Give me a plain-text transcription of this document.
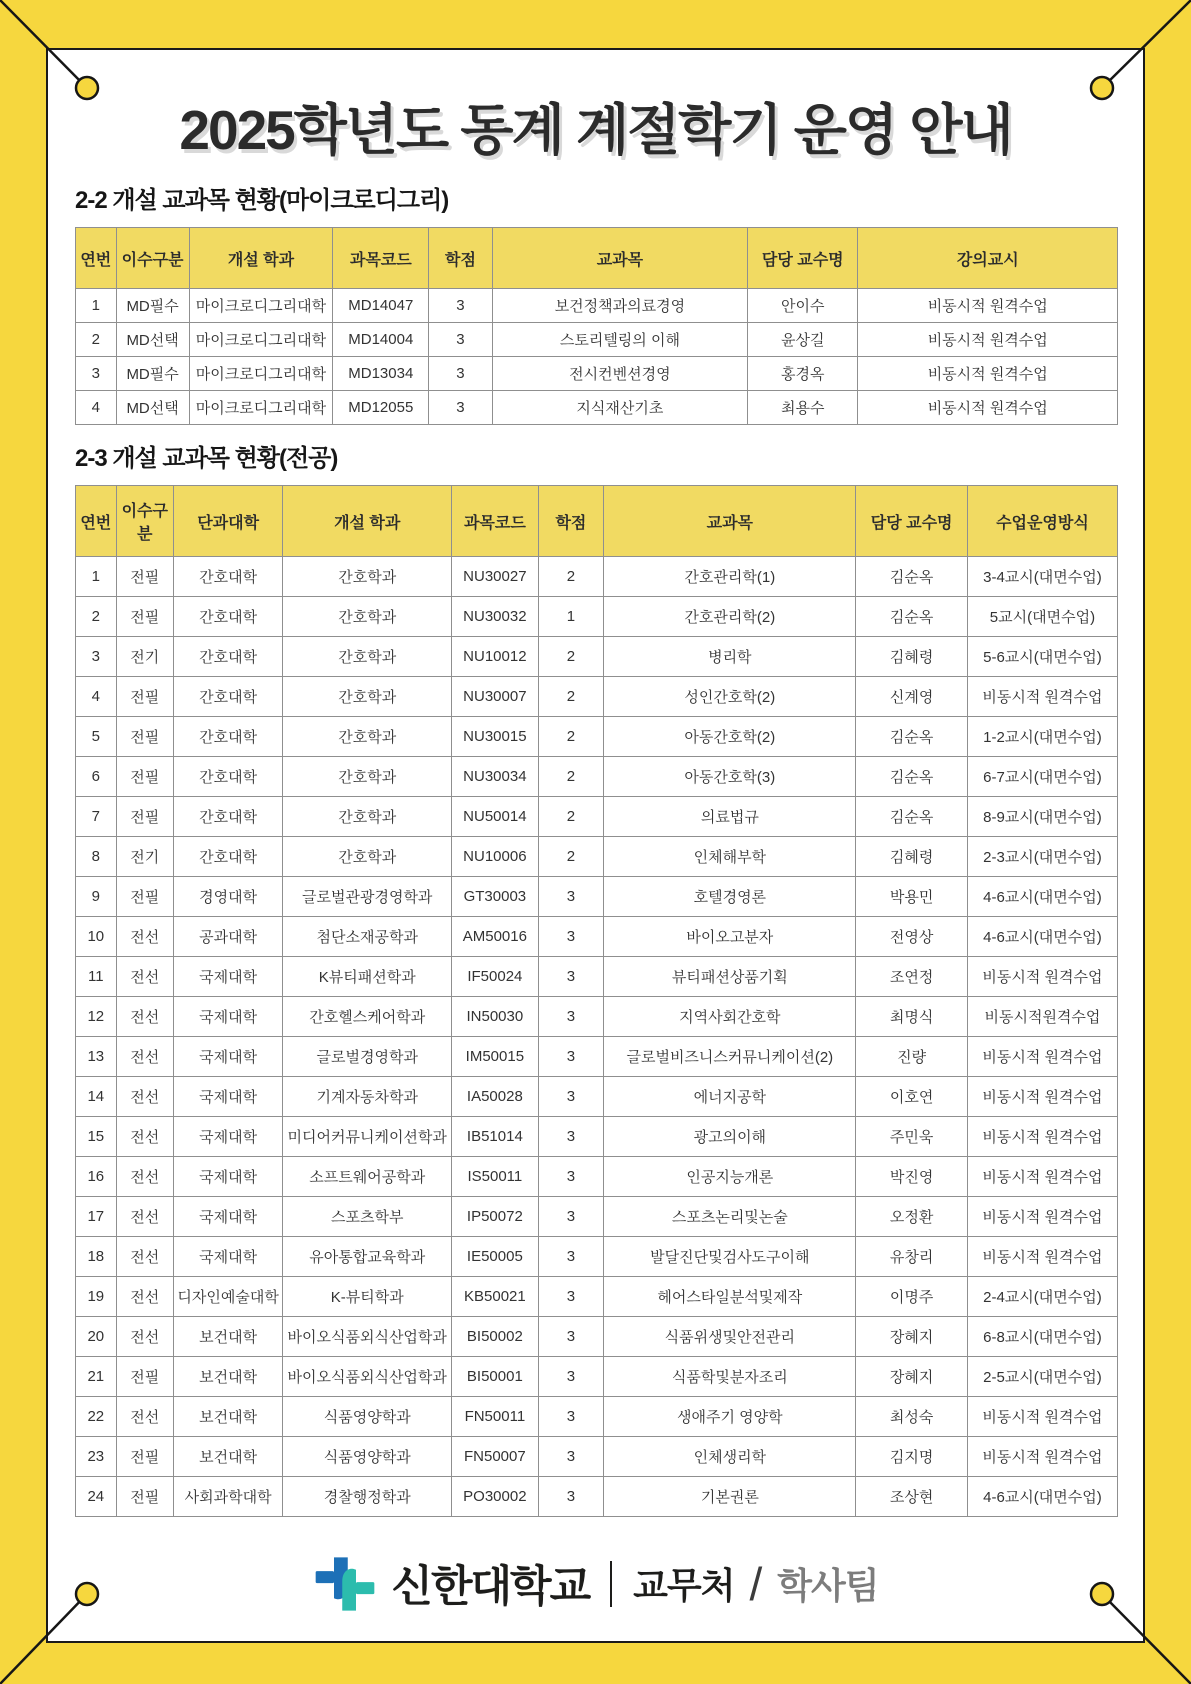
2025학년도 동계 계절학기 운영 안내
2-2 개설 교과목 현황(마이크로디그리)
연번	이수구분	개설 학과	과목코드	학점	교과목	담당 교수명	강의교시
1	MD필수	마이크로디그리대학	MD14047	3	보건정책과의료경영	안이수	비동시적 원격수업
2	MD선택	마이크로디그리대학	MD14004	3	스토리텔링의 이해	윤상길	비동시적 원격수업
3	MD필수	마이크로디그리대학	MD13034	3	전시컨벤션경영	홍경옥	비동시적 원격수업
4	MD선택	마이크로디그리대학	MD12055	3	지식재산기초	최용수	비동시적 원격수업
2-3 개설 교과목 현황(전공)
연번	이수구분	단과대학	개설 학과	과목코드	학점	교과목	담당 교수명	수업운영방식
1	전필	간호대학	간호학과	NU30027	2	간호관리학(1)	김순옥	3-4교시(대면수업)
2	전필	간호대학	간호학과	NU30032	1	간호관리학(2)	김순옥	5교시(대면수업)
3	전기	간호대학	간호학과	NU10012	2	병리학	김혜령	5-6교시(대면수업)
4	전필	간호대학	간호학과	NU30007	2	성인간호학(2)	신계영	비동시적 원격수업
5	전필	간호대학	간호학과	NU30015	2	아동간호학(2)	김순옥	1-2교시(대면수업)
6	전필	간호대학	간호학과	NU30034	2	아동간호학(3)	김순옥	6-7교시(대면수업)
7	전필	간호대학	간호학과	NU50014	2	의료법규	김순옥	8-9교시(대면수업)
8	전기	간호대학	간호학과	NU10006	2	인체해부학	김혜령	2-3교시(대면수업)
9	전필	경영대학	글로벌관광경영학과	GT30003	3	호텔경영론	박용민	4-6교시(대면수업)
10	전선	공과대학	첨단소재공학과	AM50016	3	바이오고분자	전영상	4-6교시(대면수업)
11	전선	국제대학	K뷰티패션학과	IF50024	3	뷰티패션상품기획	조연정	비동시적 원격수업
12	전선	국제대학	간호헬스케어학과	IN50030	3	지역사회간호학	최명식	비동시적원격수업
13	전선	국제대학	글로벌경영학과	IM50015	3	글로벌비즈니스커뮤니케이션(2)	진량	비동시적 원격수업
14	전선	국제대학	기계자동차학과	IA50028	3	에너지공학	이호연	비동시적 원격수업
15	전선	국제대학	미디어커뮤니케이션학과	IB51014	3	광고의이해	주민욱	비동시적 원격수업
16	전선	국제대학	소프트웨어공학과	IS50011	3	인공지능개론	박진영	비동시적 원격수업
17	전선	국제대학	스포츠학부	IP50072	3	스포츠논리및논술	오정환	비동시적 원격수업
18	전선	국제대학	유아통합교육학과	IE50005	3	발달진단및검사도구이해	유창리	비동시적 원격수업
19	전선	디자인예술대학	K-뷰티학과	KB50021	3	헤어스타일분석및제작	이명주	2-4교시(대면수업)
20	전선	보건대학	바이오식품외식산업학과	BI50002	3	식품위생및안전관리	장혜지	6-8교시(대면수업)
21	전필	보건대학	바이오식품외식산업학과	BI50001	3	식품학및분자조리	장혜지	2-5교시(대면수업)
22	전선	보건대학	식품영양학과	FN50011	3	생애주기 영양학	최성숙	비동시적 원격수업
23	전필	보건대학	식품영양학과	FN50007	3	인체생리학	김지명	비동시적 원격수업
24	전필	사회과학대학	경찰행정학과	PO30002	3	기본권론	조상현	4-6교시(대면수업)
신한대학교 교무처 / 학사팀
